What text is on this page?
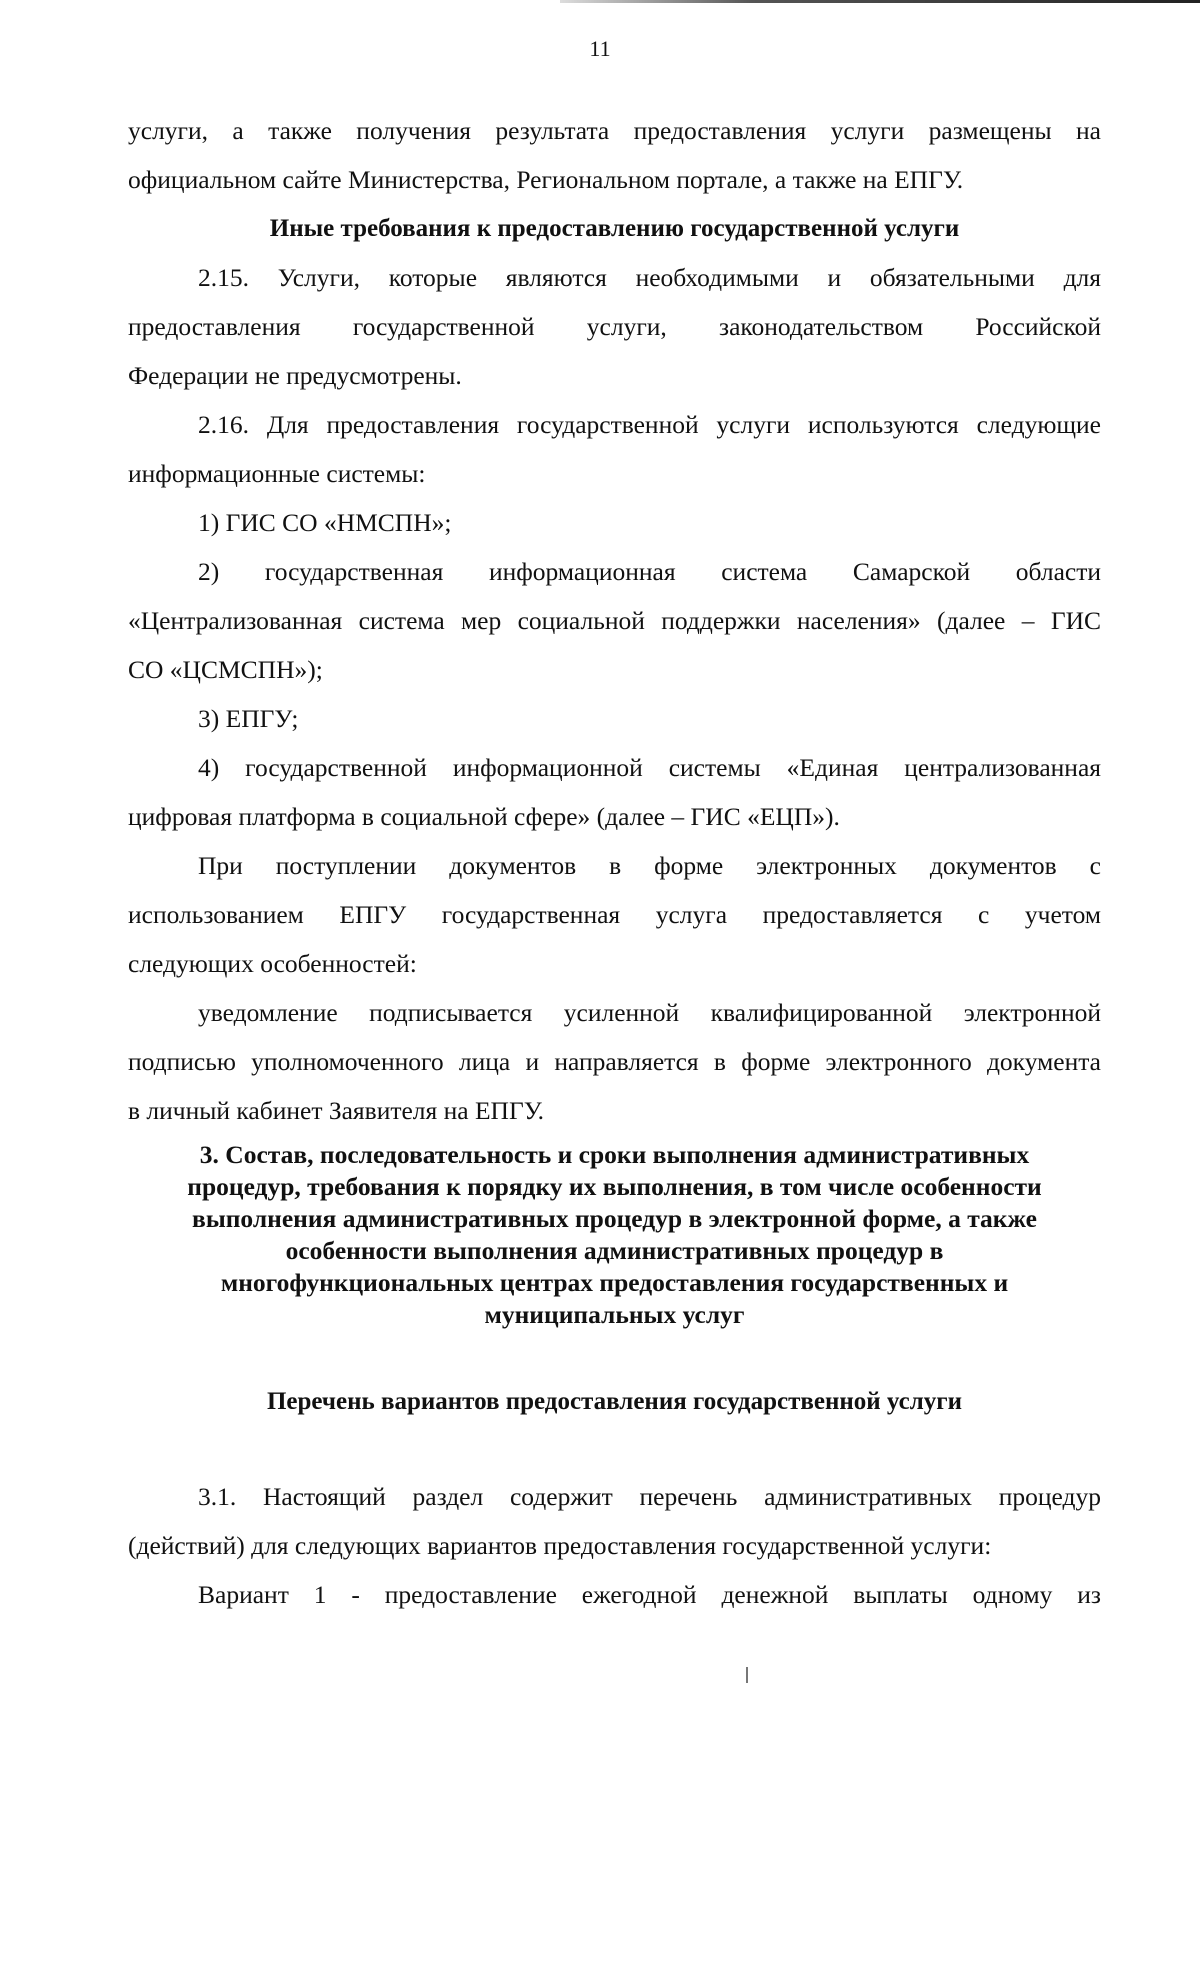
11

услуги, а также получения результата предоставления услуги размещены на

официальном сайте Министерства, Региональном портале, а также на ЕПГУ.

Иные требования к предоставлению государственной услуги

2.15. Услуги, которые являются необходимыми и обязательными для

предоставления государственной услуги, законодательством Российской

Федерации не предусмотрены.

2.16. Для предоставления государственной услуги используются следующие

информационные системы:

1) ГИС СО «НМСПН»;

2) государственная информационная система Самарской области

«Централизованная система мер социальной поддержки населения» (далее – ГИС

СО «ЦСМСПН»);

3) ЕПГУ;

4) государственной информационной системы «Единая централизованная

цифровая платформа в социальной сфере» (далее – ГИС «ЕЦП»).

При поступлении документов в форме электронных документов с

использованием ЕПГУ государственная услуга предоставляется с учетом

следующих особенностей:

уведомление подписывается усиленной квалифицированной электронной

подписью уполномоченного лица и направляется в форме электронного документа

в личный кабинет Заявителя на ЕПГУ.

3. Состав, последовательность и сроки выполнения административных

процедур, требования к порядку их выполнения, в том числе особенности

выполнения административных процедур в электронной форме, а также

особенности выполнения административных процедур в

многофункциональных центрах предоставления государственных и

муниципальных услуг

Перечень вариантов предоставления государственной услуги

3.1. Настоящий раздел содержит перечень административных процедур

(действий) для следующих вариантов предоставления государственной услуги:

Вариант 1 - предоставление ежегодной денежной выплаты одному из
